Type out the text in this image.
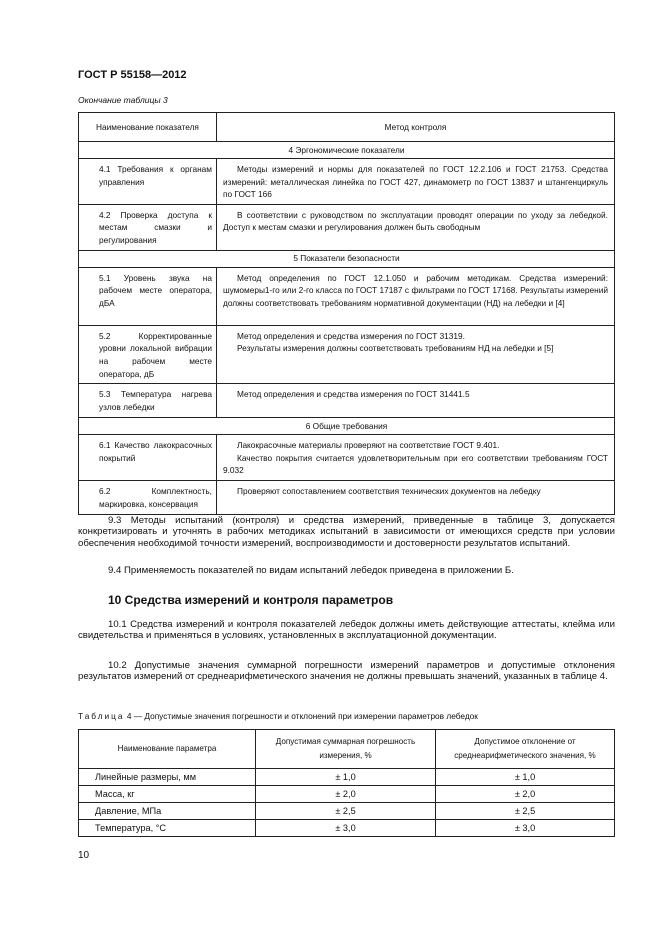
ГОСТ Р 55158—2012
Окончание таблицы 3
Наименование показателя	Метод контроля
4 Эргономические показатели	
4.1 Требования к органам управления	Методы измерений и нормы для показателей по ГОСТ 12.2.106 и ГОСТ 21753. Средства измерений: металлическая линейка по ГОСТ 427, динамометр по ГОСТ 13837 и штангенциркуль по ГОСТ 166

4.2 Проверка доступа к местам смазки и регулирования	В соответствии с руководством по эксплуатации проводят операции по уходу за лебедкой. Доступ к местам смазки и регулирования должен быть свободным

5 Показатели безопасности	
5.1 Уровень звука на рабочем месте оператора, дБА	Метод определения по ГОСТ 12.1.050 и рабочим методикам. Средства измерений: шумомеры1-го или 2-го класса по ГОСТ 17187 с фильтрами по ГОСТ 17168. Результаты измерений должны соответствовать требованиям нормативной документации (НД) на лебедки и [4]

5.2 Корректированные уровни локальной вибрации на рабочем месте оператора, дБ	Метод определения и средства измерения по ГОСТ 31319.

Результаты измерения должны соответствовать требованиям НД на лебедки и [5]

5.3 Температура нагрева узлов лебедки	Метод определения и средства измерения по ГОСТ 31441.5

6 Общие требования	
6.1 Качество лакокрасочных покрытий	Лакокрасочные материалы проверяют на соответствие ГОСТ 9.401.

Качество покрытия считается удовлетворительным при его соответствии требованиям ГОСТ 9.032

6.2 Комплектность, маркировка, консервация	Проверяют сопоставлением соответствия технических документов на лебедку

9.3 Методы испытаний (контроля) и средства измерений, приведенные в таблице 3, допускается конкретизировать и уточнять в рабочих методиках испытаний в зависимости от имеющихся средств при условии обеспечения необходимой точности измерений, воспроизводимости и достоверности результатов испытаний.

9.4 Применяемость показателей по видам испытаний лебедок приведена в приложении Б.

10 Средства измерений и контроля параметров

10.1 Средства измерений и контроля показателей лебедок должны иметь действующие аттестаты, клейма или свидетельства и применяться в условиях, установленных в эксплуатационной документации.

10.2 Допустимые значения суммарной погрешности измерений параметров и допустимые отклонения результатов измерений от среднеарифметического значения не должны превышать значений, указанных в таблице 4.

Таблица 4 — Допустимые значения погрешности и отклонений при измерении параметров лебедок
Наименование параметра	Допустимая суммарная погрешность измерения, %	Допустимое отклонение от среднеарифметического значения, %
Линейные размеры, мм	± 1,0	± 1,0
Масса, кг	± 2,0	± 2,0
Давление, МПа	± 2,5	± 2,5
Температура, °С	± 3,0	± 3,0
10
